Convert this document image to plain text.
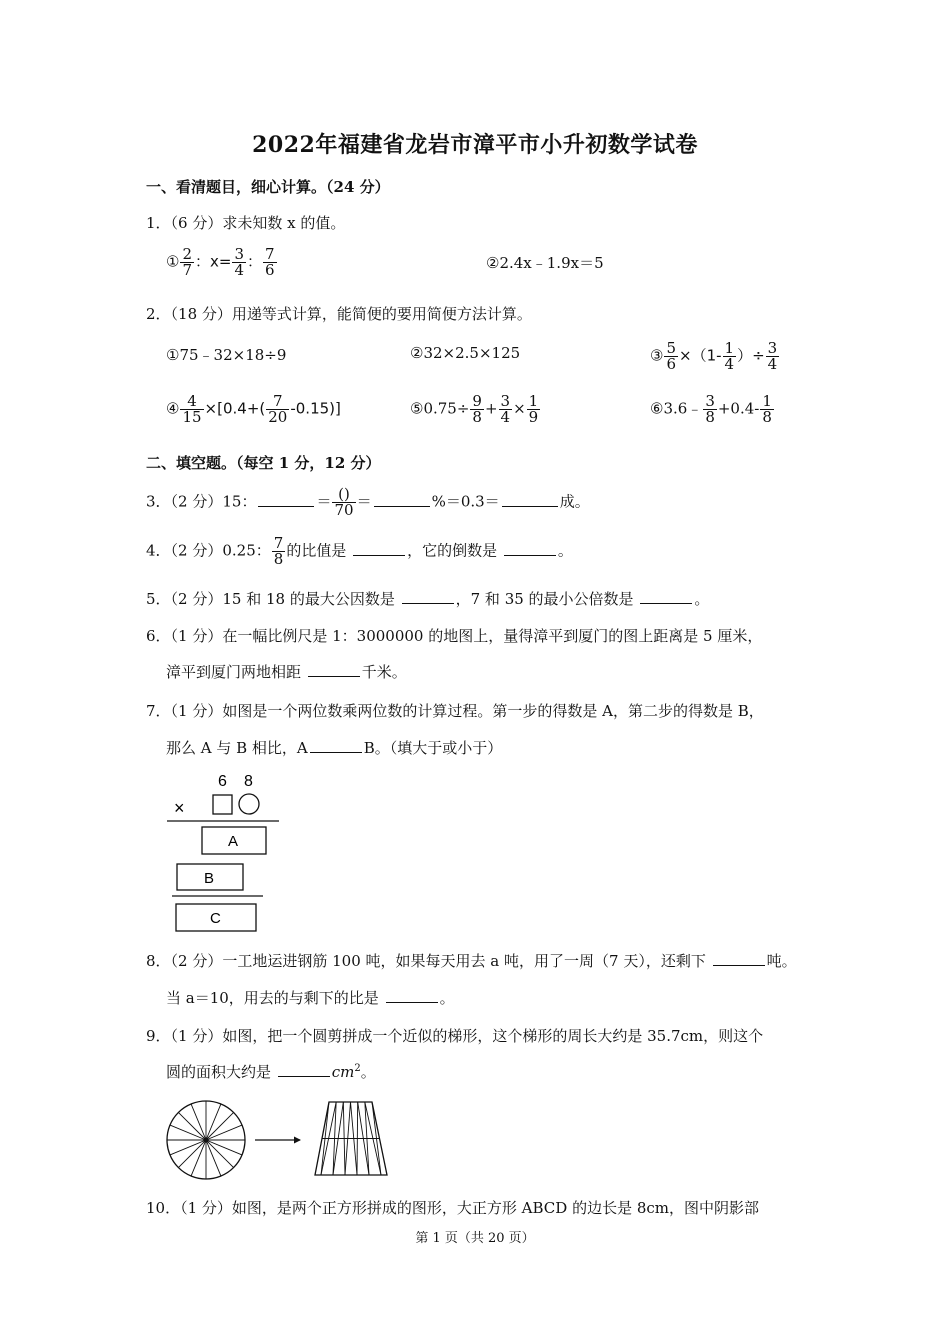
2022年福建省龙岩市漳平市小升初数学试卷
一、看清题目，细心计算。（24 分）
1．（6 分）求未知数 x 的值。
① $\frac{2}{7}$ ：$x= \frac{3}{4}$ ： $\frac{7}{6}$	②2.4x﹣1.9x＝5
2．（18 分）用递等式计算，能简便的要用简便方法计算。
①75﹣32×18÷9	②32×2.5×125	③ $\frac{5}{6} \times(1- \frac{1}{4}$ ）÷ $\frac{3}{4}$
④ $\frac{4}{15} \times[0.4+( \frac{7}{20} -0.15)]$	⑤0.75÷ $\frac{9}{8} + \frac{3}{4} \times \frac{1}{9}$	⑥3.6﹣ $\frac{3}{8} +0.4- \frac{1}{8}$
二、填空题。（每空 1 分，12 分）
3．（2 分）15：	＝ $\frac{()}{70}$ ＝	%＝0.3＝	成。
4．（2 分）0.25： $\frac{7}{8}$ 的比值是	，它的倒数是	。
5．（2 分）15 和 18 的最大公因数是	，7 和 35 的最小公倍数是	。
6．（1 分）在一幅比例尺是 1：3000000 的地图上，量得漳平到厦门的图上距离是 5 厘米，
漳平到厦门两地相距	千米。
7．（1 分）如图是一个两位数乘两位数的计算过程。第一步的得数是 A，第二步的得数是 B，
那么 A 与 B 相比，A	B。（填大于或小于）
6 8
×
A
B
C
8．（2 分）一工地运进钢筋 100 吨，如果每天用去 a 吨，用了一周（7 天），还剩下	吨。
当 a＝10，用去的与剩下的比是	。
9．（1 分）如图，把一个圆剪拼成一个近似的梯形，这个梯形的周长大约是 35.7cm，则这个
圆的面积大约是	$cm^2$。
10．（1 分）如图，是两个正方形拼成的图形，大正方形 ABCD 的边长是 8cm，图中阴影部
第 1 页（共 20 页）
